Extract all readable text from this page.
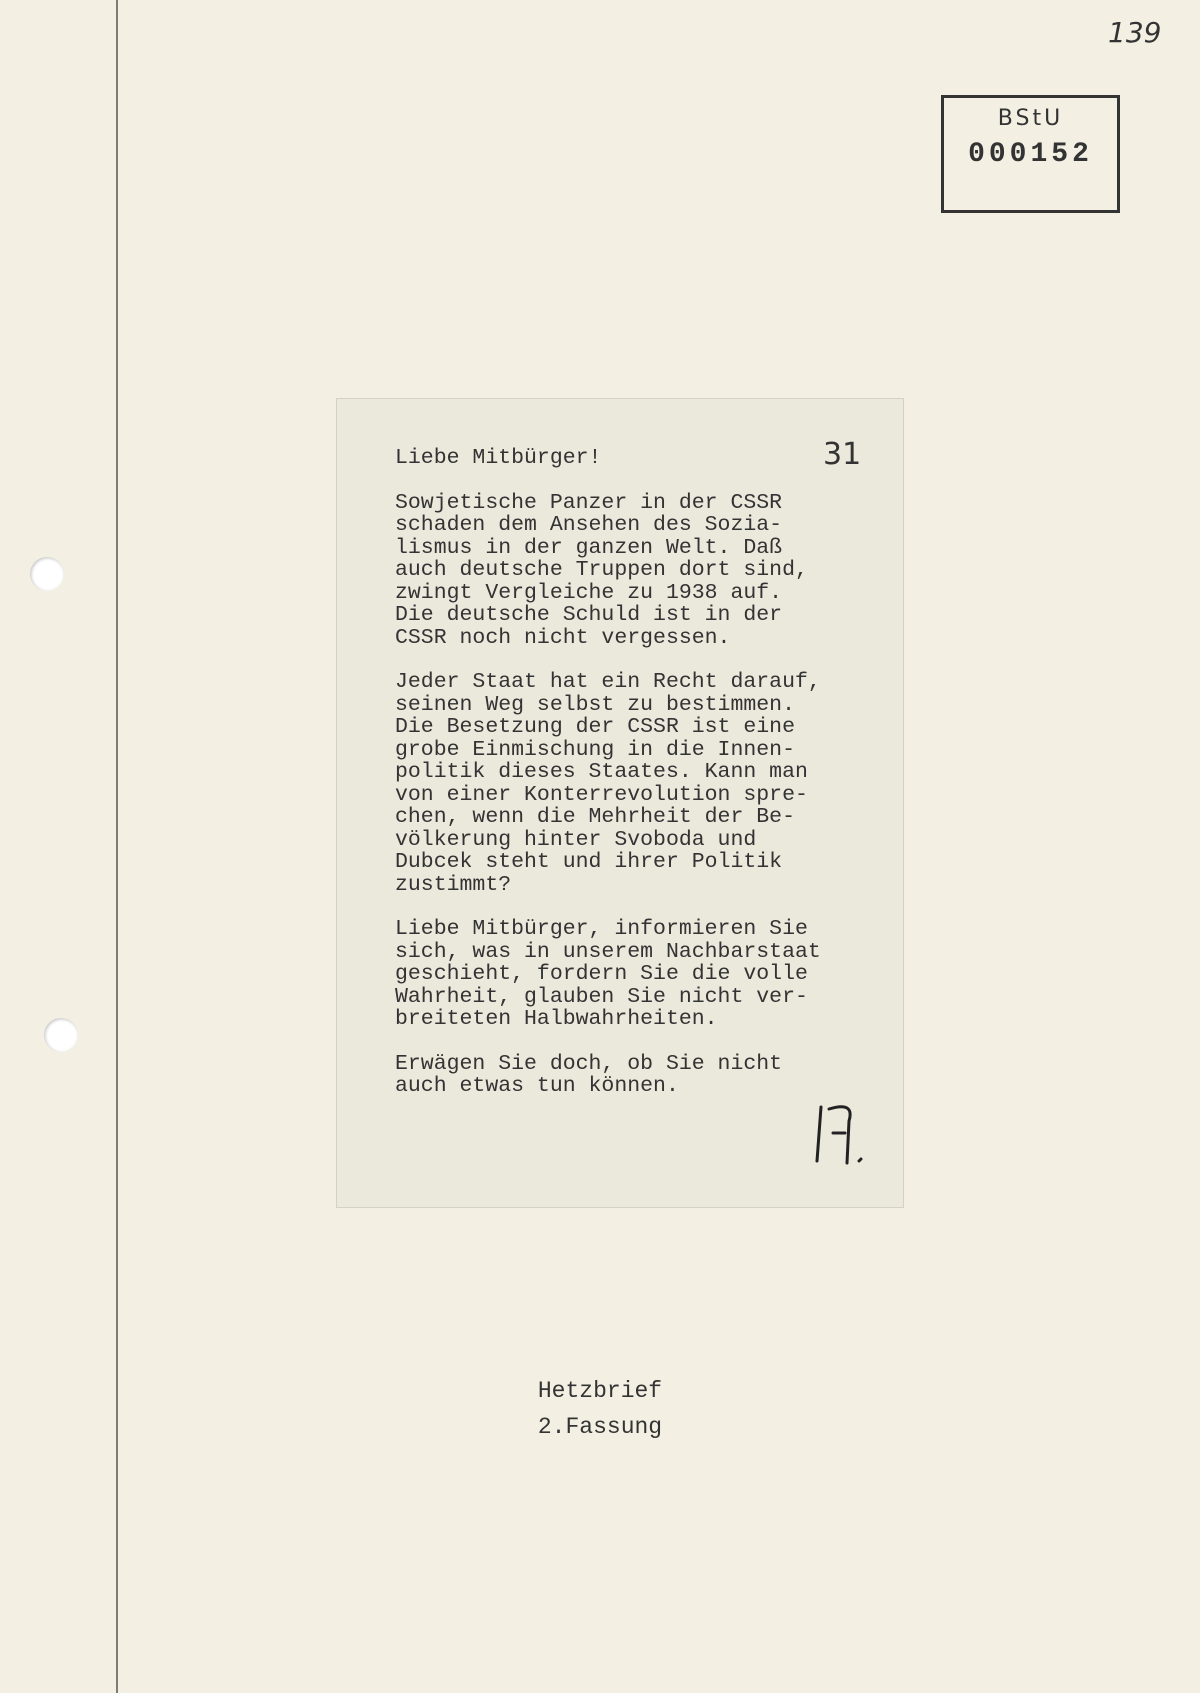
139
BStU
000152
31
Liebe Mitbürger!
Sowjetische Panzer in der CSSR
schaden dem Ansehen des Sozia-
lismus in der ganzen Welt. Daß
auch deutsche Truppen dort sind,
zwingt Vergleiche zu 1938 auf.
Die deutsche Schuld ist in der
CSSR noch nicht vergessen.
Jeder Staat hat ein Recht darauf,
seinen Weg selbst zu bestimmen.
Die Besetzung der CSSR ist eine
grobe Einmischung in die Innen-
politik dieses Staates. Kann man
von einer Konterrevolution spre-
chen, wenn die Mehrheit der Be-
völkerung hinter Svoboda und
Dubcek steht und ihrer Politik
zustimmt?
Liebe Mitbürger, informieren Sie
sich, was in unserem Nachbarstaat
geschieht, fordern Sie die volle
Wahrheit, glauben Sie nicht ver-
breiteten Halbwahrheiten.
Erwägen Sie doch, ob Sie nicht
auch etwas tun können.
Hetzbrief
2.Fassung
